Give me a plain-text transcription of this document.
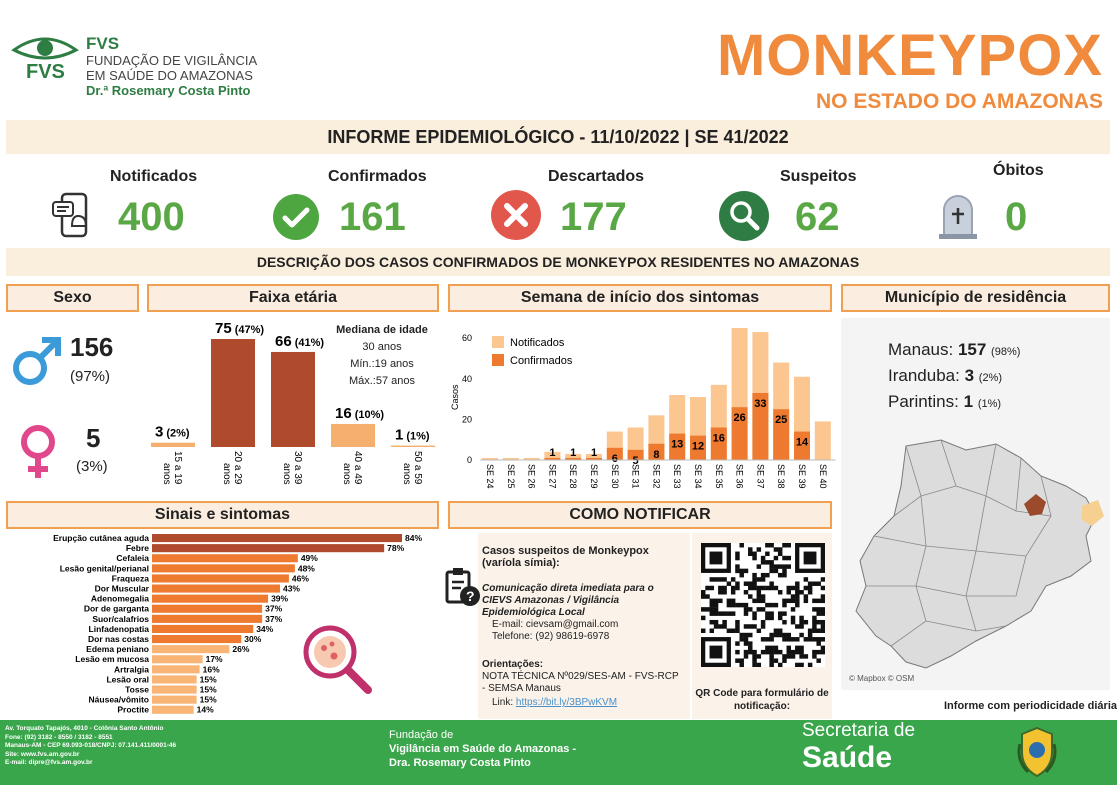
FVS
FVS
FUNDAÇÃO DE VIGILÂNCIA
EM SAÚDE DO AMAZONAS
Dr.ª Rosemary Costa Pinto
MONKEYPOX
NO ESTADO DO AMAZONAS
INFORME EPIDEMIOLÓGICO - 11/10/2022 | SE 41/2022
Notificados
400
Confirmados
161
Descartados
177
Suspeitos
62
Óbitos
0
DESCRIÇÃO DOS CASOS CONFIRMADOS DE MONKEYPOX RESIDENTES NO AMAZONAS
Sexo	Faixa etária	Semana de início dos sintomas	Município de residência
Sinais e sintomas	COMO NOTIFICAR
156
(97%)
5
(3%)
3 (2%)
15 a 19anos
75 (47%)
20 a 29anos
66 (41%)
30 a 39anos
16 (10%)
40 a 49anos
1 (1%)
50 a 59anos
Mediana de idade
30 anos
Mín.:19 anos
Máx.:57 anos
Casos
0
20
40
60
SE 24 SE 25 SE 26
1
SE 27
1
SE 28
1
SE 29
6
SE 30
5
SE 31
8
SE 32
13
SE 33
12
SE 34
16
SE 35
26
SE 36
33
SE 37
25
SE 38
14
SE 39 SE 40
Notificados
Confirmados
Manaus: 157 (98%)
Iranduba: 3 (2%)
Parintins: 1 (1%)
© Mapbox © OSM
Informe com periodicidade diária
Erupção cutânea aguda	84%
Febre	78%
Cefaleia	49%
Lesão genital/perianal	48%
Fraqueza	46%
Dor Muscular	43%
Adenomegalia	39%
Dor de garganta	37%
Suor/calafrios	37%
Linfadenopatia	34%
Dor nas costas	30%
Edema peniano	26%
Lesão em mucosa	17%
Artralgia	16%
Lesão oral	15%
Tosse	15%
Náusea/vômito	15%
Proctite	14%
?
Casos suspeitos de Monkeypox
(varíola símia):
Comunicação direta imediata para o
CIEVS Amazonas / Vigilância
Epidemiológica Local
E-mail: cievsam@gmail.com
Telefone: (92) 98619-6978
Orientações:
NOTA TÉCNICA Nº029/SES-AM - FVS-RCP
- SEMSA Manaus
Link: https://bit.ly/3BPwKVM
QR Code para formulário de
notificação:
Av. Torquato Tapajós, 4010 - Colônia Santo Antônio
Fone: (92) 3182 - 8550 / 3182 - 8551
Manaus-AM - CEP 69.093-018/CNPJ: 07.141.411/0001-46
Site: www.fvs.am.gov.br
E-mail: dipre@fvs.am.gov.br
Fundação de
Vigilância em Saúde do Amazonas -
Dra. Rosemary Costa Pinto
Secretaria de
Saúde
